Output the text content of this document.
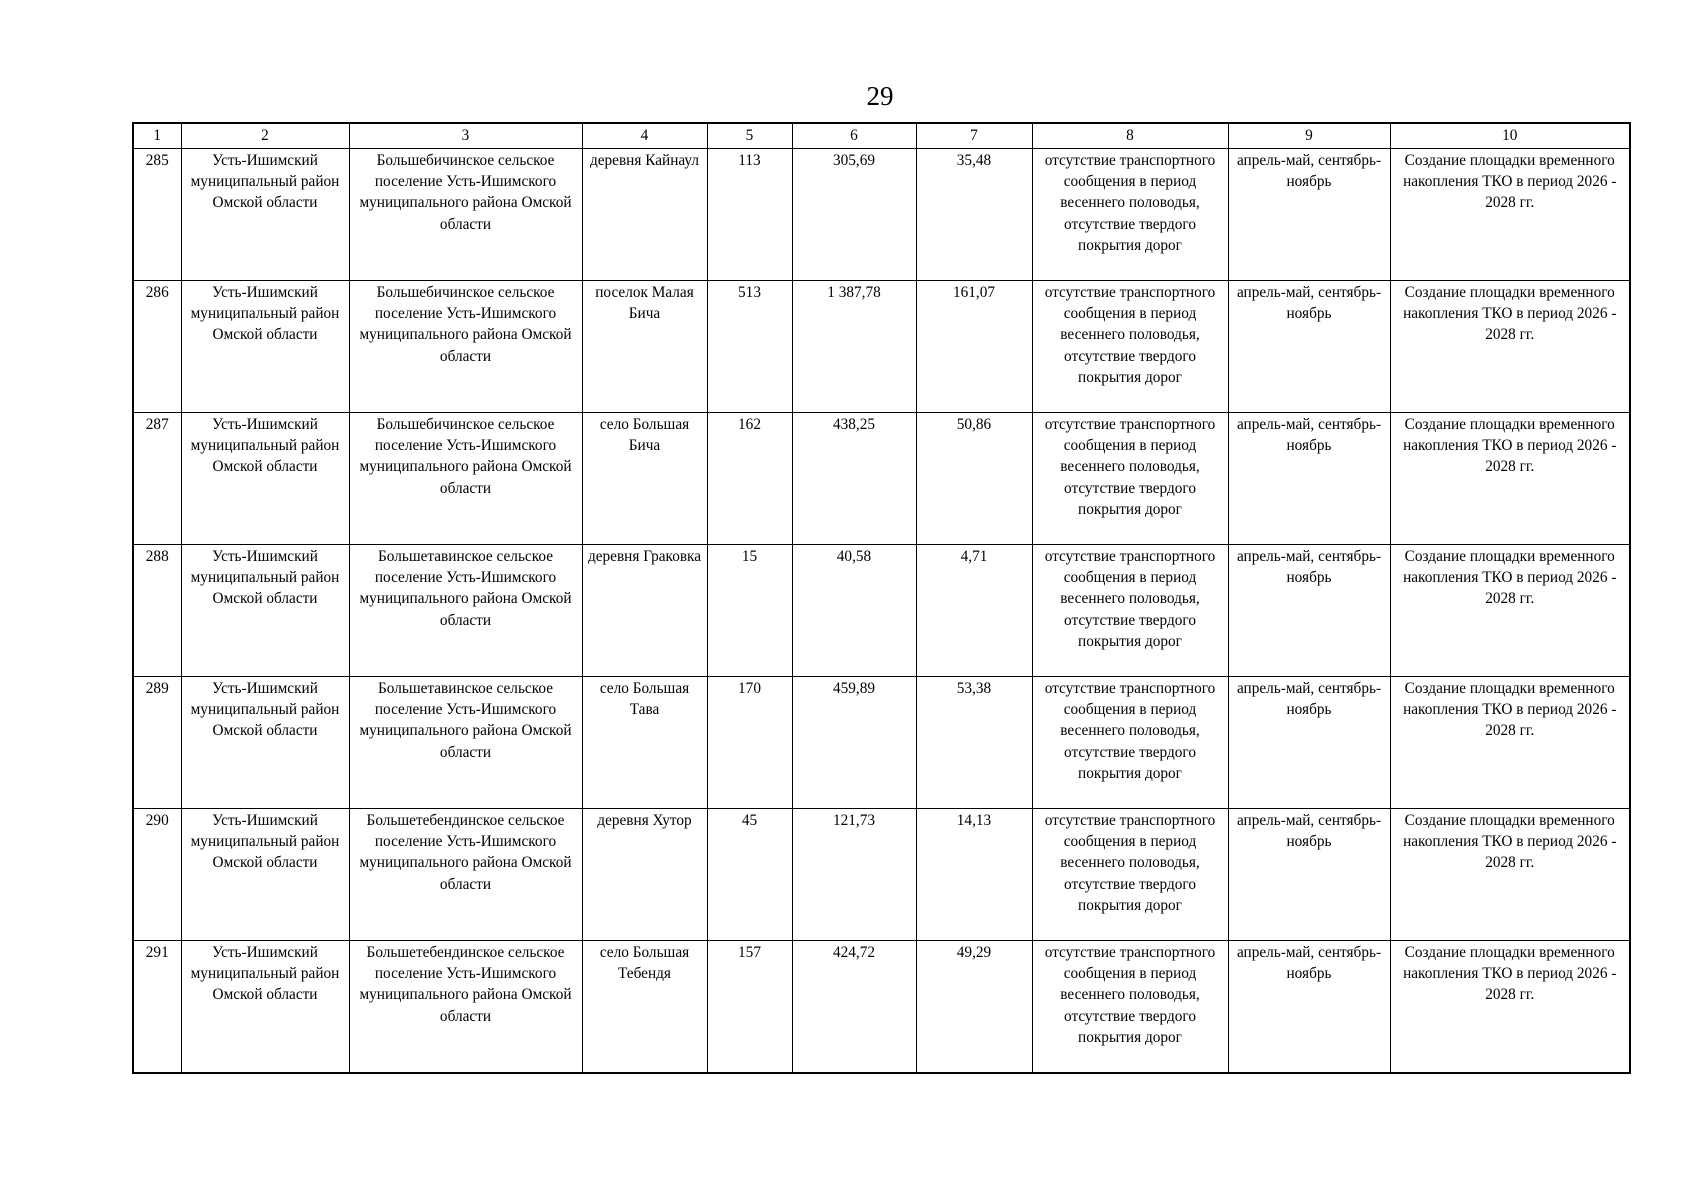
29
1	2	3	4	5	6	7	8	9	10
285	Усть-Ишимский муниципальный район Омской области	Большебичинское сельское поселение Усть-Ишимского муниципального района Омской области	деревня Кайнаул	113	305,69	35,48	отсутствие транспортного сообщения в период весеннего половодья, отсутствие твердого покрытия дорог	апрель-май, сентябрь-ноябрь	Создание площадки временного накопления ТКО в период 2026 - 2028 гг.
286	Усть-Ишимский муниципальный район Омской области	Большебичинское сельское поселение Усть-Ишимского муниципального района Омской области	поселок Малая Бича	513	1 387,78	161,07	отсутствие транспортного сообщения в период весеннего половодья, отсутствие твердого покрытия дорог	апрель-май, сентябрь-ноябрь	Создание площадки временного накопления ТКО в период 2026 - 2028 гг.
287	Усть-Ишимский муниципальный район Омской области	Большебичинское сельское поселение Усть-Ишимского муниципального района Омской области	село Большая Бича	162	438,25	50,86	отсутствие транспортного сообщения в период весеннего половодья, отсутствие твердого покрытия дорог	апрель-май, сентябрь-ноябрь	Создание площадки временного накопления ТКО в период 2026 - 2028 гг.
288	Усть-Ишимский муниципальный район Омской области	Большетавинское сельское поселение Усть-Ишимского муниципального района Омской области	деревня Граковка	15	40,58	4,71	отсутствие транспортного сообщения в период весеннего половодья, отсутствие твердого покрытия дорог	апрель-май, сентябрь-ноябрь	Создание площадки временного накопления ТКО в период 2026 - 2028 гг.
289	Усть-Ишимский муниципальный район Омской области	Большетавинское сельское поселение Усть-Ишимского муниципального района Омской области	село Большая Тава	170	459,89	53,38	отсутствие транспортного сообщения в период весеннего половодья, отсутствие твердого покрытия дорог	апрель-май, сентябрь-ноябрь	Создание площадки временного накопления ТКО в период 2026 - 2028 гг.
290	Усть-Ишимский муниципальный район Омской области	Большетебендинское сельское поселение Усть-Ишимского муниципального района Омской области	деревня Хутор	45	121,73	14,13	отсутствие транспортного сообщения в период весеннего половодья, отсутствие твердого покрытия дорог	апрель-май, сентябрь-ноябрь	Создание площадки временного накопления ТКО в период 2026 - 2028 гг.
291	Усть-Ишимский муниципальный район Омской области	Большетебендинское сельское поселение Усть-Ишимского муниципального района Омской области	село Большая Тебендя	157	424,72	49,29	отсутствие транспортного сообщения в период весеннего половодья, отсутствие твердого покрытия дорог	апрель-май, сентябрь-ноябрь	Создание площадки временного накопления ТКО в период 2026 - 2028 гг.
